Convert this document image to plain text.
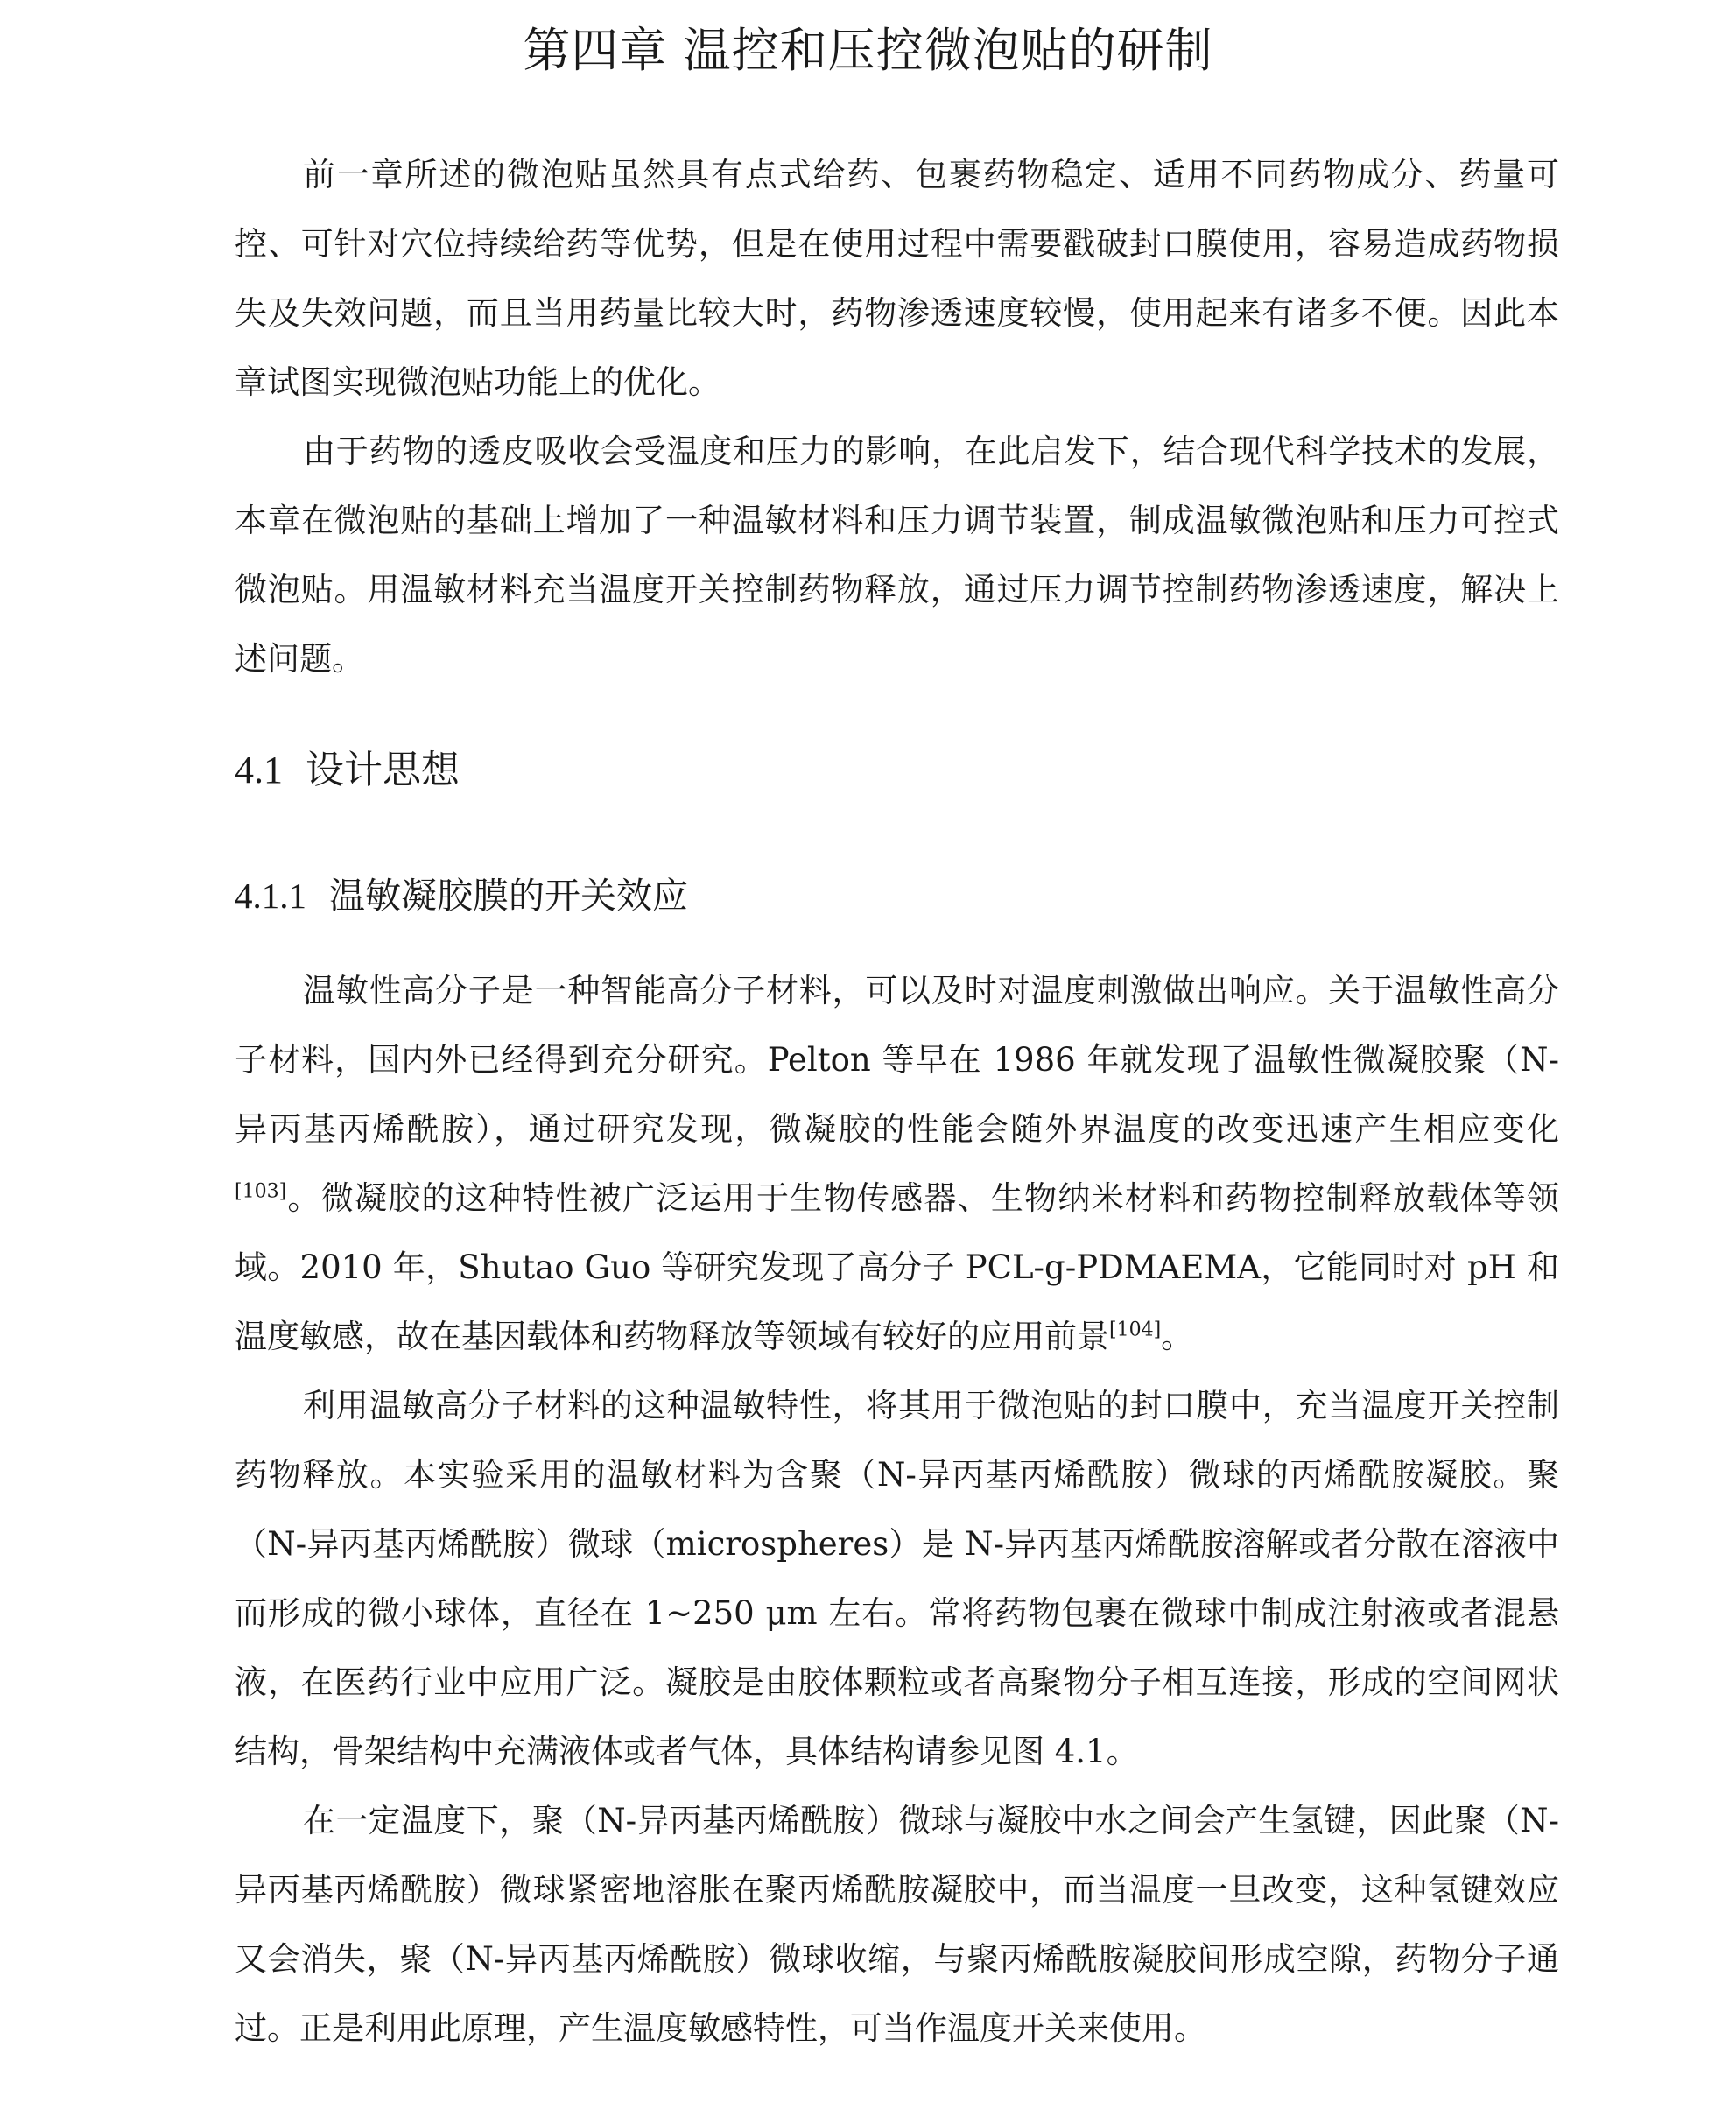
第四章 温控和压控微泡贴的研制

前一章所述的微泡贴虽然具有点式给药、包裹药物稳定、适用不同药物成分、药量可控、可针对穴位持续给药等优势，但是在使用过程中需要戳破封口膜使用，容易造成药物损失及失效问题，而且当用药量比较大时，药物渗透速度较慢，使用起来有诸多不便。因此本章试图实现微泡贴功能上的优化。

由于药物的透皮吸收会受温度和压力的影响，在此启发下，结合现代科学技术的发展，本章在微泡贴的基础上增加了一种温敏材料和压力调节装置，制成温敏微泡贴和压力可控式微泡贴。用温敏材料充当温度开关控制药物释放，通过压力调节控制药物渗透速度，解决上述问题。

4.1 设计思想
4.1.1 温敏凝胶膜的开关效应

温敏性高分子是一种智能高分子材料，可以及时对温度刺激做出响应。关于温敏性高分子材料，国内外已经得到充分研究。Pelton 等早在 1986 年就发现了温敏性微凝胶聚（N-异丙基丙烯酰胺），通过研究发现，微凝胶的性能会随外界温度的改变迅速产生相应变化[103]。微凝胶的这种特性被广泛运用于生物传感器、生物纳米材料和药物控制释放载体等领域。2010 年，Shutao Guo 等研究发现了高分子 PCL-g-PDMAEMA，它能同时对 pH 和温度敏感，故在基因载体和药物释放等领域有较好的应用前景[104]。

利用温敏高分子材料的这种温敏特性，将其用于微泡贴的封口膜中，充当温度开关控制药物释放。本实验采用的温敏材料为含聚（N-异丙基丙烯酰胺）微球的丙烯酰胺凝胶。聚（N-异丙基丙烯酰胺）微球（microspheres）是 N-异丙基丙烯酰胺溶解或者分散在溶液中而形成的微小球体，直径在 1~250 μm 左右。常将药物包裹在微球中制成注射液或者混悬液，在医药行业中应用广泛。凝胶是由胶体颗粒或者高聚物分子相互连接，形成的空间网状结构，骨架结构中充满液体或者气体，具体结构请参见图 4.1。

在一定温度下，聚（N-异丙基丙烯酰胺）微球与凝胶中水之间会产生氢键，因此聚（N-异丙基丙烯酰胺）微球紧密地溶胀在聚丙烯酰胺凝胶中，而当温度一旦改变，这种氢键效应又会消失，聚（N-异丙基丙烯酰胺）微球收缩，与聚丙烯酰胺凝胶间形成空隙，药物分子通过。正是利用此原理，产生温度敏感特性，可当作温度开关来使用。
